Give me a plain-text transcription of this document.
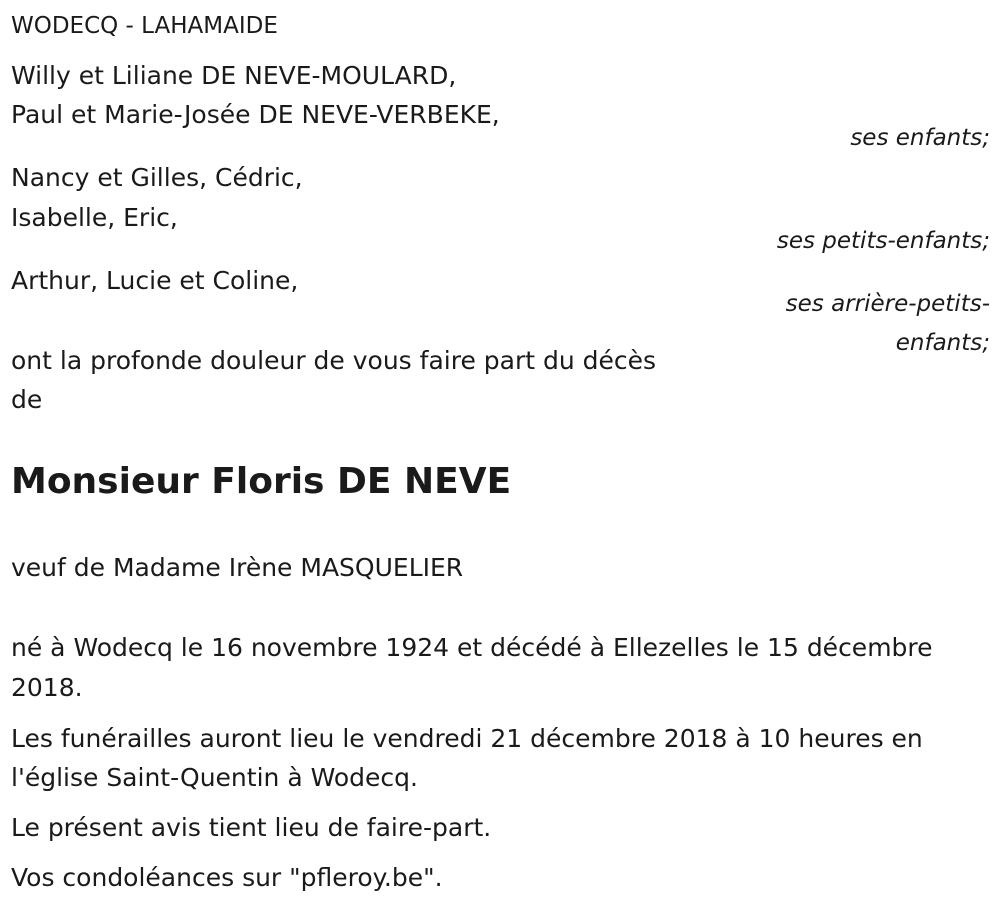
WODECQ - LAHAMAIDE
Willy et Liliane DE NEVE-MOULARD,
Paul et Marie-Josée DE NEVE-VERBEKE,
ses enfants;
Nancy et Gilles, Cédric,
Isabelle, Eric,
ses petits-enfants;
Arthur, Lucie et Coline,
ses arrière-petits-
enfants;
ont la profonde douleur de vous faire part du décès
de
Monsieur Floris DE NEVE
veuf de Madame Irène MASQUELIER
né à Wodecq le 16 novembre 1924 et décédé à Ellezelles le 15 décembre
2018.
Les funérailles auront lieu le vendredi 21 décembre 2018 à 10 heures en
l'église Saint-Quentin à Wodecq.
Le présent avis tient lieu de faire-part.
Vos condoléances sur "pfleroy.be".
